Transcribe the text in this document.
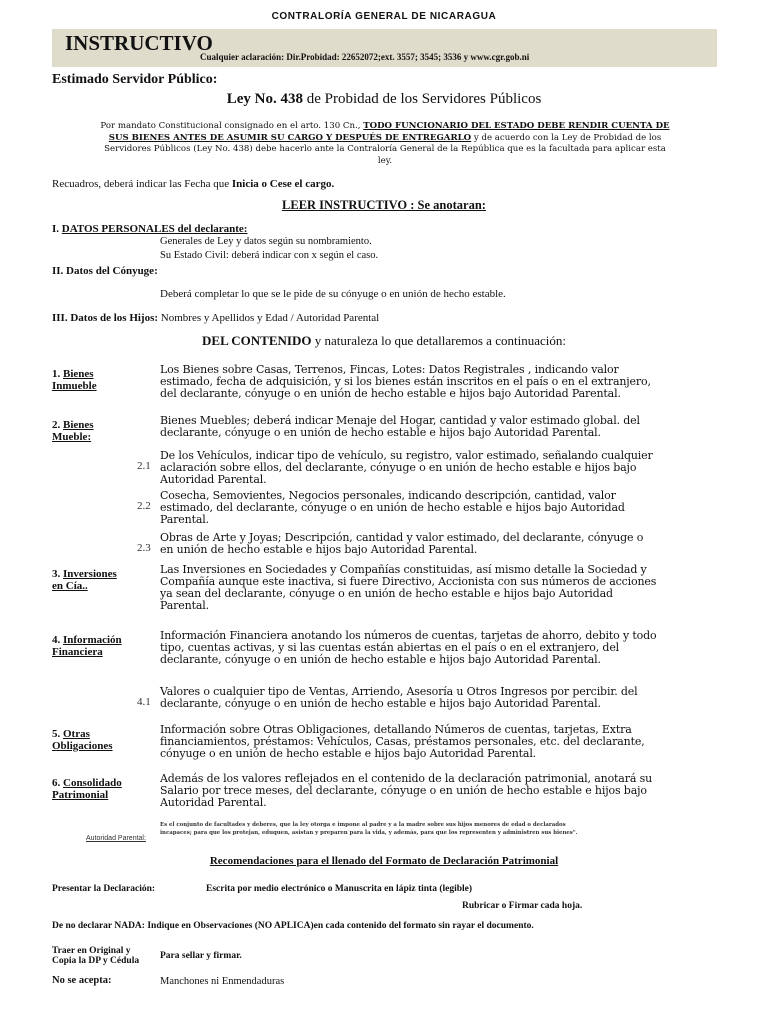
CONTRALORÍA GENERAL DE NICARAGUA
INSTRUCTIVO
Cualquier aclaración: Dir.Probidad: 22652072;ext. 3557; 3545; 3536 y www.cgr.gob.ni
Estimado Servidor Público:
Ley No. 438 de Probidad de los Servidores Públicos
Por mandato Constitucional consignado en el arto. 130 Cn., TODO FUNCIONARIO DEL ESTADO DEBE RENDIR CUENTA DE
SUS BIENES ANTES DE ASUMIR SU CARGO Y DESPUÉS DE ENTREGARLO y de acuerdo con la Ley de Probidad de los
Servidores Públicos (Ley No. 438) debe hacerlo ante la Contraloría General de la República que es la facultada para aplicar esta
ley.
Recuadros, deberá indicar las Fecha que Inicia o Cese el cargo.
LEER INSTRUCTIVO : Se anotaran:
I. DATOS PERSONALES del declarante:
Generales de Ley y datos según su nombramiento.
Su Estado Civil: deberá indicar con x según el caso.
II. Datos del Cónyuge:
Deberá completar lo que se le pide de su cónyuge o en unión de hecho estable.
III. Datos de los Hijos: Nombres y Apellidos y Edad / Autoridad Parental
DEL CONTENIDO y naturaleza lo que detallaremos a continuación:
1. Bienes
Inmueble
Los Bienes sobre Casas, Terrenos, Fincas, Lotes: Datos Registrales , indicando valor
estimado, fecha de adquisición, y si los bienes están inscritos en el país o en el extranjero,
del declarante, cónyuge o en unión de hecho estable e hijos bajo Autoridad Parental.
2. Bienes
Mueble:
Bienes Muebles; deberá indicar Menaje del Hogar, cantidad y valor estimado global. del
declarante, cónyuge o en unión de hecho estable e hijos bajo Autoridad Parental.
2.1
De los Vehículos, indicar tipo de vehículo, su registro, valor estimado, señalando cualquier
aclaración sobre ellos, del declarante, cónyuge o en unión de hecho estable e hijos bajo
Autoridad Parental.
2.2
Cosecha, Semovientes, Negocios personales, indicando descripción, cantidad, valor
estimado, del declarante, cónyuge o en unión de hecho estable e hijos bajo Autoridad
Parental.
2.3
Obras de Arte y Joyas; Descripción, cantidad y valor estimado, del declarante, cónyuge o
en unión de hecho estable e hijos bajo Autoridad Parental.
3. Inversiones
en Cía..
Las Inversiones en Sociedades y Compañías constituidas, así mismo detalle la Sociedad y
Compañía aunque este inactiva, si fuere Directivo, Accionista con sus números de acciones
ya sean del declarante, cónyuge o en unión de hecho estable e hijos bajo Autoridad
Parental.
4. Información
Financiera
Información Financiera anotando los números de cuentas, tarjetas de ahorro, debito y todo
tipo, cuentas activas, y si las cuentas están abiertas en el país o en el extranjero, del
declarante, cónyuge o en unión de hecho estable e hijos bajo Autoridad Parental.
4.1
Valores o cualquier tipo de Ventas, Arriendo, Asesoría u Otros Ingresos por percibir. del
declarante, cónyuge o en unión de hecho estable e hijos bajo Autoridad Parental.
5. Otras
Obligaciones
Información sobre Otras Obligaciones, detallando Números de cuentas, tarjetas, Extra
financiamientos, préstamos: Vehículos, Casas, préstamos personales, etc. del declarante,
cónyuge o en unión de hecho estable e hijos bajo Autoridad Parental.
6. Consolidado
Patrimonial
Además de los valores reflejados en el contenido de la declaración patrimonial, anotará su
Salario por trece meses, del declarante, cónyuge o en unión de hecho estable e hijos bajo
Autoridad Parental.
Autoridad Parental:
Es el conjunto de facultades y deberes, que la ley otorga e impone al padre y a la madre sobre sus hijos menores de edad o declarados
incapaces; para que los protejan, eduquen, asistan y preparen para la vida, y además, para que los representen y administren sus bienes".
Recomendaciones para el llenado del Formato de Declaración Patrimonial
Presentar la Declaración:	Escrita por medio electrónico o Manuscrita en lápiz tinta (legible)
Rubricar o Firmar cada hoja.
De no declarar NADA: Indique en Observaciones (NO APLICA)en cada contenido del formato sin rayar el documento.
Traer en Original y
Copia la DP y Cédula Para sellar y firmar.
No se acepta:	Manchones ni Enmendaduras
